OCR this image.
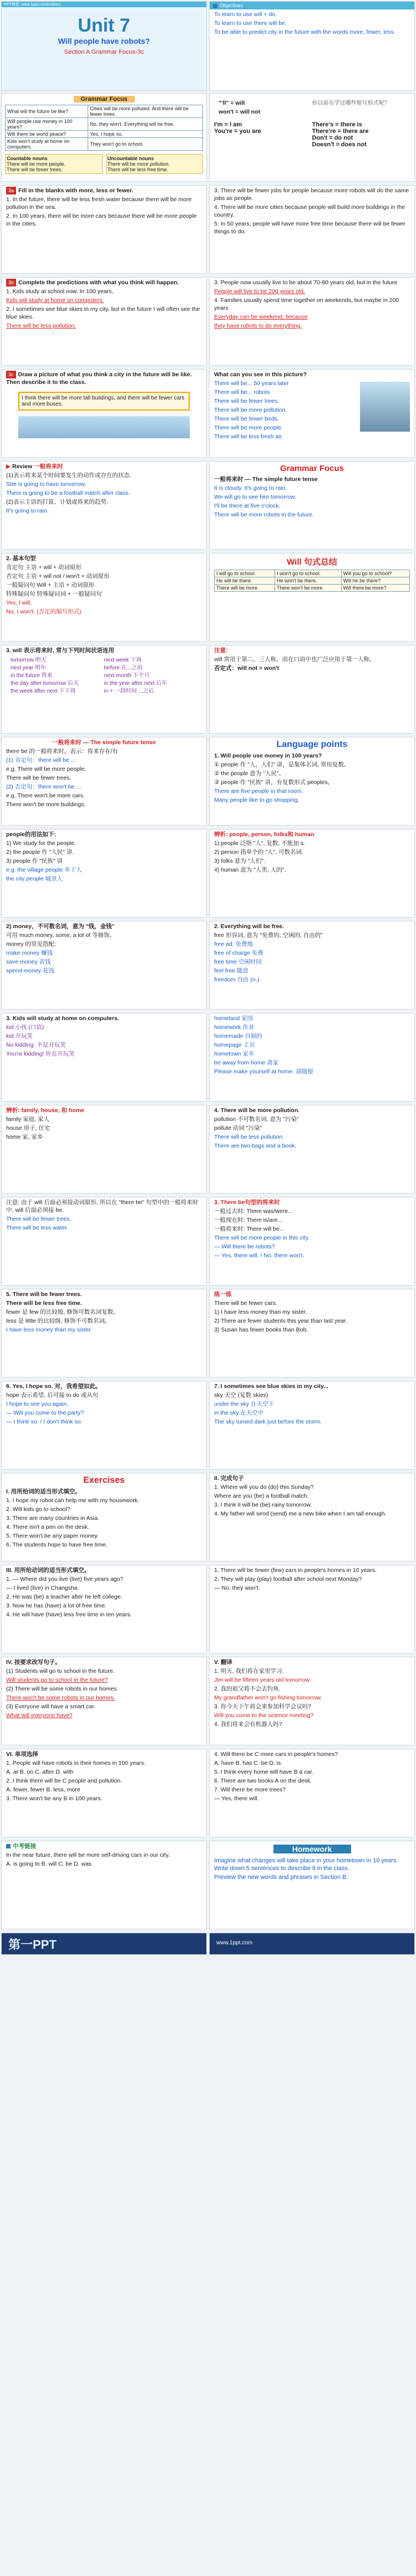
PPT模板: www.1ppt.com/moban/
Unit 7
Will people have robots?
Section A Grammar Focus-3c
Objectives
To learn to use will + do.
To learn to use there will be.
To be able to predict city in the future with the words more, fewer, less.
Grammar Focus
What will the future be like?	Cities will be more polluted. And there will be fewer trees.
Will people use money in 100 years?	No, they won't. Everything will be free.
Will there be world peace?	Yes, I hope so.
Kids won't study at home on computers.	They won't go to school.
Countable nouns
There will be more people.
There will be fewer trees.
Uncountable nouns
There will be more pollution.
There will be less free time.
"'ll" = will
won't = will not
你以前在学过哪些缩写形式呢？
I'm = I am	There's = there is
You're = you are	There're = there are
Don't = do not
Doesn't = does not
3a Fill in the blanks with more, less or fewer.
1. In the future, there will be less fresh water because there will be more pollution in the sea.
2. In 100 years, there will be more cars because there will be more people in the cities.
3. There will be fewer jobs for people because more robots will do the same jobs as people.
4. There will be more cities because people will build more buildings in the country.
5. In 50 years, people will have more free time because there will be fewer things to do.
3b Complete the predictions with what you think will happen.
1. Kids study at school now. In 100 years,
Kids will study at home on computers.
2. I sometimes see blue skies in my city, but in the future I will often see the blue skies.
There will be less pollution.
3. People now usually live to be about 70-80 years old, but in the future
People will live to be 200 years old.
4. Families usually spend time together on weekends, but maybe in 200 years
Everyday can be weekend, because
they have robots to do everything.
3c Draw a picture of what you think a city in the future will be like. Then describe it to the class.
I think there will be more tall buildings, and there will be fewer cars and more buses.
What can you see in this picture?
There will be... 50 years later
There will be... robots
There will be fewer trees.
There will be more pollution.
There will be fewer birds.
There will be more people.
There will be less fresh air.
▶ Review 一般将来时
(1)表示将来某个时间要发生的动作或存在的状态.
She is going to have tomorrow.
There is going to be a football match after class.
(2)表示主语的打算、计划或将来的趋势.
It's going to rain.
Grammar Focus
一般将来时 — The simple future tense
It is cloudy. It's going to rain.
We will go to see him tomorrow.
I'll be there at five o'clock.
There will be more robots in the future.
2. 基本句型
肯定句 主语 + will + 动词原形
否定句 主语 + will not / won't + 动词原形
一般疑问句 Will + 主语 + 动词原形
特殊疑问句 特殊疑问词 + 一般疑问句
Yes, I will.
No, I won't. (否定的缩写形式)
Will 句式总结
I will go to school.	I won't go to school.	Will you go to school?
He will be there.	He won't be there.	Will he be there?
There will be more.	There won't be more.	Will there be more?
3. will 表示将来时, 常与下列时间状语连用
tomorrow 明天	next week 下周
next year 明年	before 在...之前
in the future 将来	next month 下个月
the day after tomorrow 后天	in the year after next 后年
the week after next 下下周	in + 一段时间 ...之后
注意:
will 常用于第二、三人称，而在口语中也广泛应用于第一人称。
否定式：will not = won't
一般将来时 — The simple future tense
there be 的一般将来时，表示：将来存在/有
(1) 肯定句：there will be ...
e.g. There will be more people.
There will be fewer trees.
(2) 否定句：there won't be ...
e.g. There won't be more cars.
There won't be more buildings.
Language points
1. Will people use money in 100 years?
① people 作 "人，人们" 讲，是集体名词, 常用复数。
② the people 意为 "人民"。
③ people 作 "民族" 讲，有复数形式 peoples。
There are five people in that room.
Many people like to go shopping.
people的用法如下:
1) We study for the people.
2) the people 作 "人民" 讲.
3) people 作 "民族" 讲
e.g. the village people 乡下人
the city people 城里人
辨析: people, person, folks和 human
1) people 泛指 "人", 复数, 不能加 s.
2) person 指单个的 "人", 可数名词.
3) folks 意为 "人们".
4) human 意为 "人类, 人的".
2) money，不可数名词，意为 "钱，金钱"
可用 much money, some, a lot of 等修饰。
money 的常见搭配:
make money 赚钱
save money 省钱
spend money 花钱
2. Everything will be free.
free 形容词, 意为 "免费的; 空闲的; 自由的"
free ad. 免费地
free of charge 免费
free time 空闲时间
feel free 随意
freedom 自由 (n.)
3. Kids will study at home on computers.
kid 小孩 (口语)
kid 开玩笑
No kidding. 不是开玩笑
You're kidding! 你在开玩笑
homeland 家园
homework 作业
homemade 自制的
homepage 主页
hometown 家乡
be away from home 离家
Please make yourself at home. 请随便
辨析: family, house, 和 home
family 家庭, 家人
house 房子, 住宅
home 家, 家乡
4. There will be more pollution.
pollution 不可数名词, 意为 "污染"
pollute 动词 "污染"
There will be less pollution.
There are two bags and a book.
注意: 由于 will 后面必须接动词原形, 所以在 "there be" 句型中的一般将来时中, will 后面必须接 be.
There will be fewer trees.
There will be less water.
3. There be句型的将来时
一般过去时: There was/were...
一般现在时: There is/are...
一般将来时: There will be...
There will be more people in this city.
— Will there be robots?
— Yes, there will. / No, there won't.
5. There will be fewer trees.
There will be less free time.
fewer 是 few 的比较级, 修饰可数名词复数。
less 是 little 的比较级, 修饰不可数名词。
I have less money than my sister.
练一练
There will be fewer cars.
1) I have less money than my sister.
2) There are fewer students this year than last year.
3) Susan has fewer books than Bob.
6. Yes, I hope so. 对，我希望如此。
hope 表示希望, 后可接 to do 或从句
I hope to see you again.
— Will you come to the party?
— I think so. / I don't think so.
7. I sometimes see blue skies in my city...
sky 天空 (复数 skies)
under the sky 在天空下
in the sky 在天空中
The sky turned dark just before the storm.
Exercises
I. 用所给词的适当形式填空。
1. I hope my robot can help me with my housework.
2. Will kids go to school?
3. There are many countries in Asia.
4. There isn't a pen on the desk.
5. There won't be any paper money.
6. The students hope to have free time.
II. 完成句子
1. Where will you do (do) this Sunday?
Where are you (be) a football match.
3. I think it will be (be) rainy tomorrow.
4. My father will send (send) me a new bike when I am tall enough.
III. 用所给动词的适当形式填空。
1. — Where did you live (live) five years ago?
— I lived (live) in Changsha.
2. He was (be) a teacher after he left college.
3. Now he has (have) a lot of free time.
4. He will have (have) less free time in ten years.
1. There will be fewer (few) cars in people's homes in 10 years.
2. They will play (play) football after school next Monday?
— No, they won't.
IV. 按要求改写句子。
(1) Students will go to school in the future.
Will students go to school in the future?
(2) There will be some robots in our homes.
There won't be some robots in our homes.
(3) Everyone will have a smart car.
What will everyone have?
V. 翻译
1. 明天, 我们将在家里学习.
Jim will be fifteen years old tomorrow.
2. 我的祖父将不会去钓鱼.
My grandfather won't go fishing tomorrow.
3. 你今天下午将会来参加科学会议吗?
Will you come to the science meeting?
4. 我们将来会有机器人吗?
VI. 单项选择
1. People will have robots in their homes in 100 years.
A. at B. on C. after D. with
2. I think there will be C people and pollution.
A. fewer, fewer B. less, more
3. There won't be any B in 100 years.
4. Will there be C more cars in people's homes?
A. have B. has C. be D. is
5. I think every home will have B a car.
6. There are two books A on the desk.
7. Will there be more trees?
— Yes, there will.
中考链接
In the near future, there will be more self-driving cars in our city.
A. is going to B. will C. be D. was
Homework
Imagine what changes will take place in your hometown in 10 years. Write down 5 sentences to describe it in the class.
Preview the new words and phrases in Section B.
第一PPT	www.1ppt.com
